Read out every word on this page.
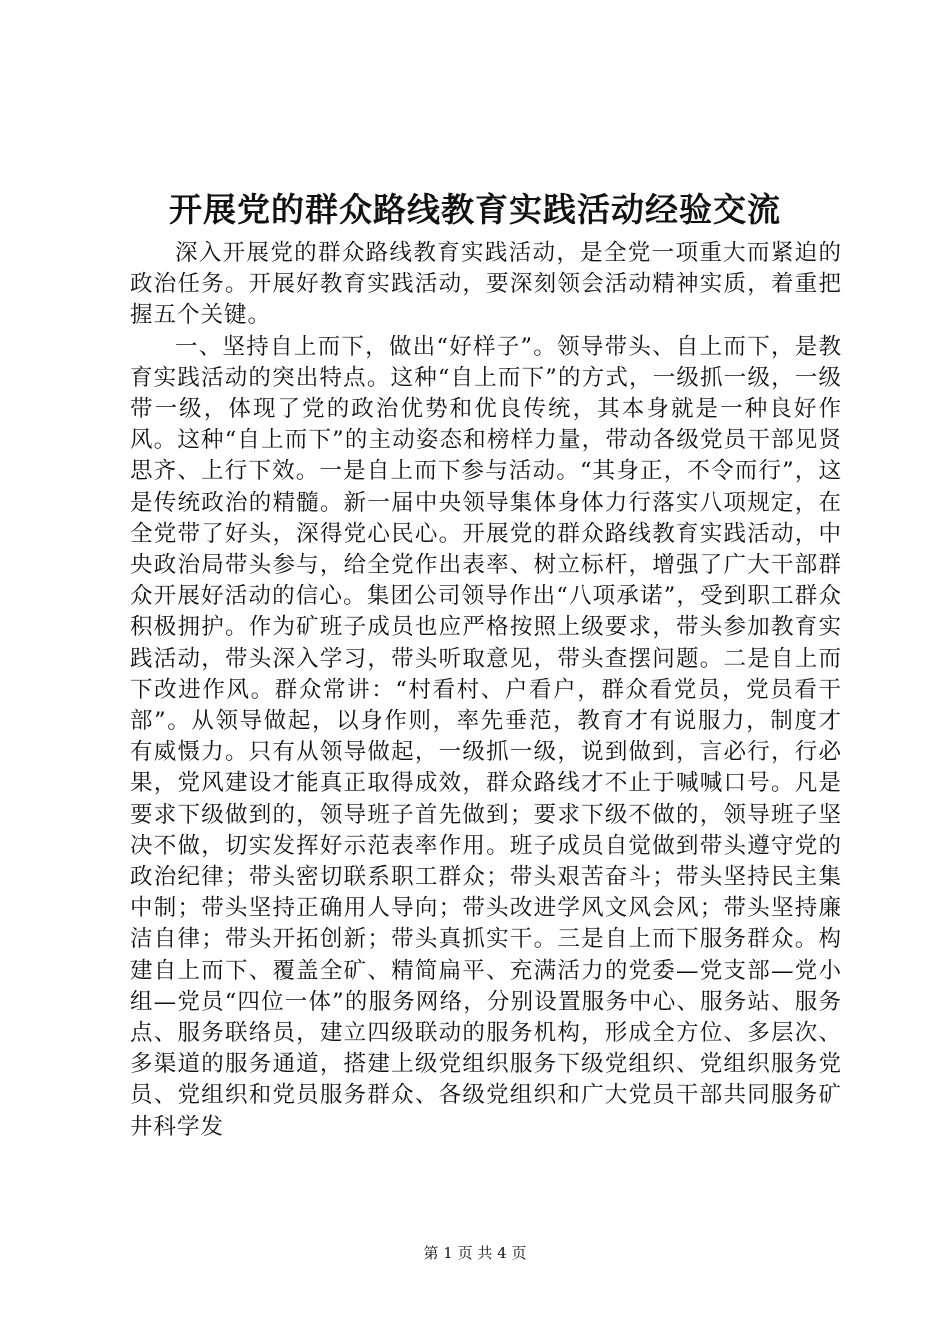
开展党的群众路线教育实践活动经验交流

深入开展党的群众路线教育实践活动，是全党一项重大而紧迫的政治任务。开展好教育实践活动，要深刻领会活动精神实质，着重把握五个关键。

一、坚持自上而下，做出“好样子”。领导带头、自上而下，是教育实践活动的突出特点。这种“自上而下”的方式，一级抓一级，一级带一级，体现了党的政治优势和优良传统，其本身就是一种良好作风。这种“自上而下”的主动姿态和榜样力量，带动各级党员干部见贤思齐、上行下效。一是自上而下参与活动。“其身正，不令而行”，这是传统政治的精髓。新一届中央领导集体身体力行落实八项规定，在全党带了好头，深得党心民心。开展党的群众路线教育实践活动，中央政治局带头参与，给全党作出表率、树立标杆，增强了广大干部群众开展好活动的信心。集团公司领导作出“八项承诺”，受到职工群众积极拥护。作为矿班子成员也应严格按照上级要求，带头参加教育实践活动，带头深入学习，带头听取意见，带头查摆问题。二是自上而下改进作风。群众常讲：“村看村、户看户，群众看党员，党员看干部”。从领导做起，以身作则，率先垂范，教育才有说服力，制度才有威慑力。只有从领导做起，一级抓一级，说到做到，言必行，行必果，党风建设才能真正取得成效，群众路线才不止于喊喊口号。凡是要求下级做到的，领导班子首先做到；要求下级不做的，领导班子坚决不做，切实发挥好示范表率作用。班子成员自觉做到带头遵守党的政治纪律；带头密切联系职工群众；带头艰苦奋斗；带头坚持民主集中制；带头坚持正确用人导向；带头改进学风文风会风；带头坚持廉洁自律；带头开拓创新；带头真抓实干。三是自上而下服务群众。构建自上而下、覆盖全矿、精简扁平、充满活力的党委—党支部—党小组—党员“四位一体”的服务网络，分别设置服务中心、服务站、服务点、服务联络员，建立四级联动的服务机构，形成全方位、多层次、多渠道的服务通道，搭建上级党组织服务下级党组织、党组织服务党员、党组织和党员服务群众、各级党组织和广大党员干部共同服务矿井科学发

第 1 页 共 4 页
